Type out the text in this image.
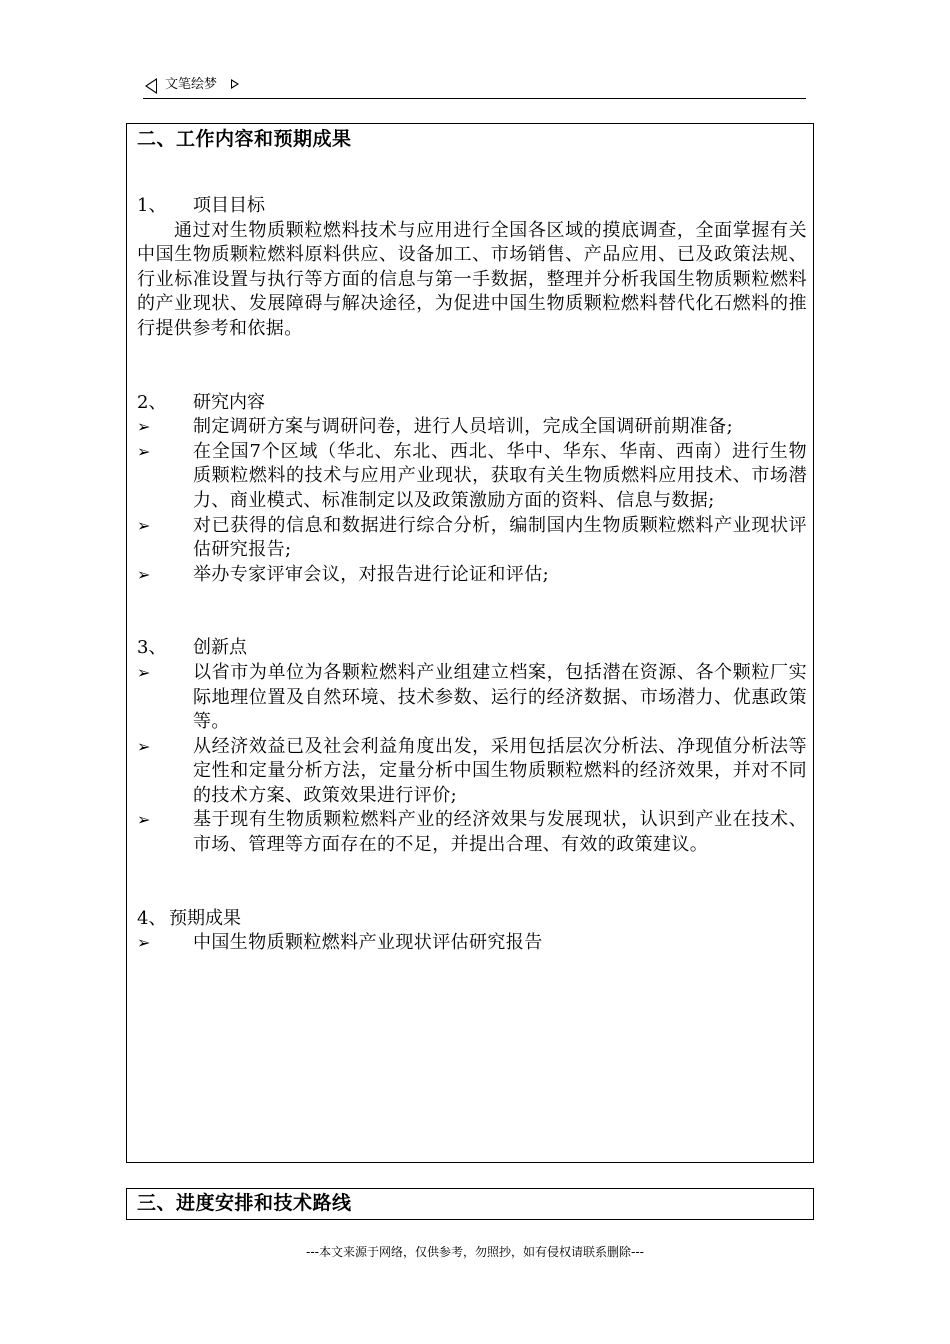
文笔绘梦
二、工作内容和预期成果
1、 项目目标

通过对生物质颗粒燃料技术与应用进行全国各区域的摸底调查，全面掌握有关中国生物质颗粒燃料原料供应、设备加工、市场销售、产品应用、已及政策法规、行业标准设置与执行等方面的信息与第一手数据，整理并分析我国生物质颗粒燃料的产业现状、发展障碍与解决途径，为促进中国生物质颗粒燃料替代化石燃料的推行提供参考和依据。

2、 研究内容
➢ 制定调研方案与调研问卷，进行人员培训，完成全国调研前期准备;
➢ 在全国7个区域（华北、东北、西北、华中、华东、华南、西南）进行生物质颗粒燃料的技术与应用产业现状，获取有关生物质燃料应用技术、市场潜力、商业模式、标准制定以及政策激励方面的资料、信息与数据;
➢ 对已获得的信息和数据进行综合分析，编制国内生物质颗粒燃料产业现状评估研究报告;
➢ 举办专家评审会议，对报告进行论证和评估;
3、 创新点
➢ 以省市为单位为各颗粒燃料产业组建立档案，包括潜在资源、各个颗粒厂实际地理位置及自然环境、技术参数、运行的经济数据、市场潜力、优惠政策等。
➢ 从经济效益已及社会利益角度出发，采用包括层次分析法、净现值分析法等定性和定量分析方法，定量分析中国生物质颗粒燃料的经济效果，并对不同的技术方案、政策效果进行评价;
➢ 基于现有生物质颗粒燃料产业的经济效果与发展现状，认识到产业在技术、市场、管理等方面存在的不足，并提出合理、有效的政策建议。
4、 预期成果
➢ 中国生物质颗粒燃料产业现状评估研究报告
三、进度安排和技术路线
---本文来源于网络，仅供参考，勿照抄，如有侵权请联系删除---
